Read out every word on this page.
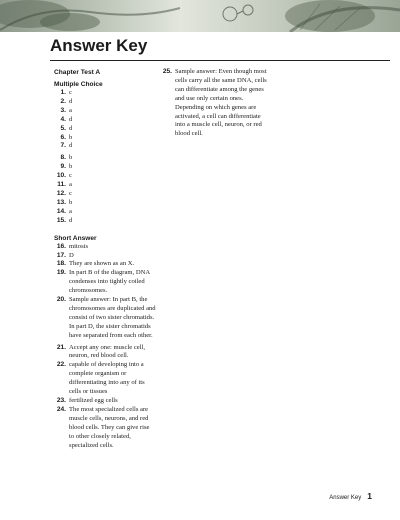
Answer Key
Chapter Test A
Multiple Choice
1. c
2. d
3. a
4. d
5. d
6. b
7. d
8. b
9. b
10. c
11. a
12. c
13. b
14. a
15. d
Short Answer
16. mitosis
17. D
18. They are shown as an X.
19. In part B of the diagram, DNA condenses into tightly coiled chromosomes.
20. Sample answer: In part B, the chromosomes are duplicated and consist of two sister chromatids. In part D, the sister chromatids have separated from each other.
21. Accept any one: muscle cell, neuron, red blood cell.
22. capable of developing into a complete organism or differentiating into any of its cells or tissues
23. fertilized egg cells
24. The most specialized cells are muscle cells, neurons, and red blood cells. They can give rise to other closely related, specialized cells.
25. Sample answer: Even though most cells carry all the same DNA, cells can differentiate among the genes and use only certain ones. Depending on which genes are activated, a cell can differentiate into a muscle cell, neuron, or red blood cell.
Answer Key 1
